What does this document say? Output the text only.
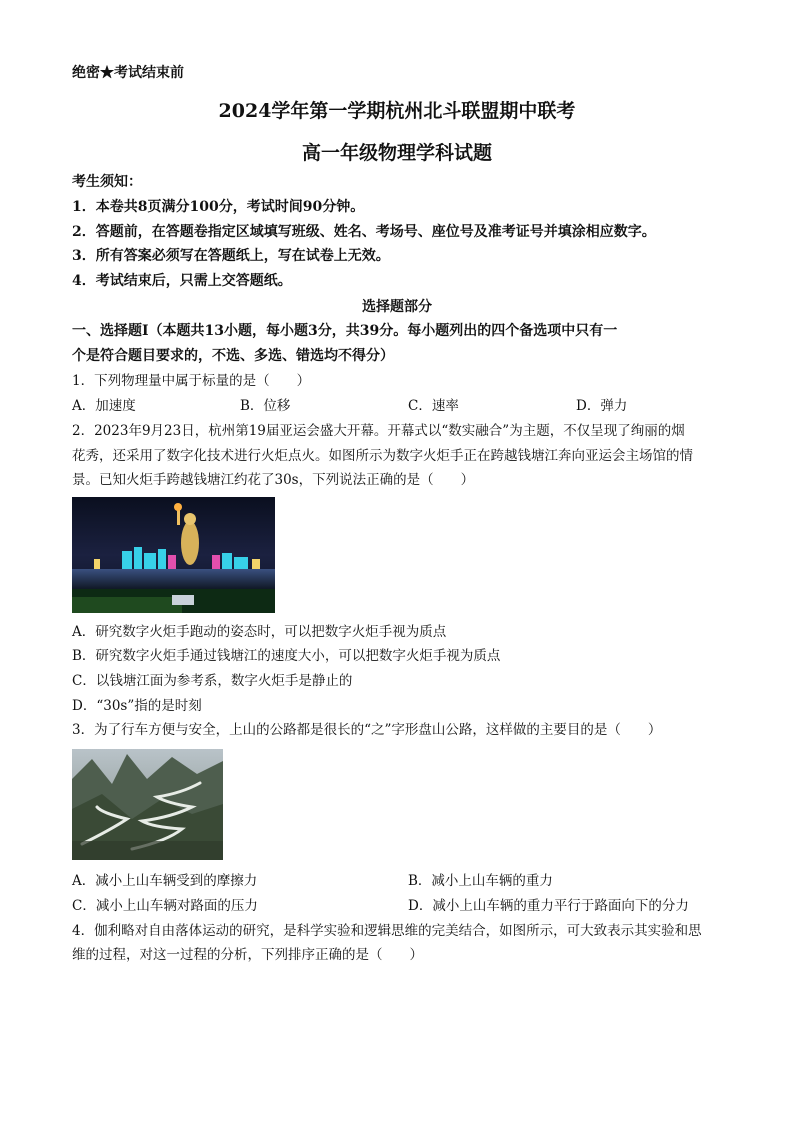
绝密★考试结束前
2024学年第一学期杭州北斗联盟期中联考
高一年级物理学科试题
考生须知：
1．本卷共8页满分100分，考试时间90分钟。
2．答题前，在答题卷指定区域填写班级、姓名、考场号、座位号及准考证号并填涂相应数字。
3．所有答案必须写在答题纸上，写在试卷上无效。
4．考试结束后，只需上交答题纸。
选择题部分
一、选择题Ⅰ（本题共13小题，每小题3分，共39分。每小题列出的四个备选项中只有一
个是符合题目要求的，不选、多选、错选均不得分）
1．下列物理量中属于标量的是（　　）
A．加速度	B．位移	C．速率	D．弹力
2．2023年9月23日，杭州第19届亚运会盛大开幕。开幕式以“数实融合”为主题，不仅呈现了绚丽的烟
花秀，还采用了数字化技术进行火炬点火。如图所示为数字火炬手正在跨越钱塘江奔向亚运会主场馆的情
景。已知火炬手跨越钱塘江约花了30s，下列说法正确的是（　　）
A．研究数字火炬手跑动的姿态时，可以把数字火炬手视为质点
B．研究数字火炬手通过钱塘江的速度大小，可以把数字火炬手视为质点
C．以钱塘江面为参考系，数字火炬手是静止的
D．“30s”指的是时刻
3．为了行车方便与安全，上山的公路都是很长的“之”字形盘山公路，这样做的主要目的是（　　）
A．减小上山车辆受到的摩擦力	B．减小上山车辆的重力
C．减小上山车辆对路面的压力	D．减小上山车辆的重力平行于路面向下的分力
4．伽利略对自由落体运动的研究，是科学实验和逻辑思维的完美结合，如图所示，可大致表示其实验和思
维的过程，对这一过程的分析，下列排序正确的是（　　）
